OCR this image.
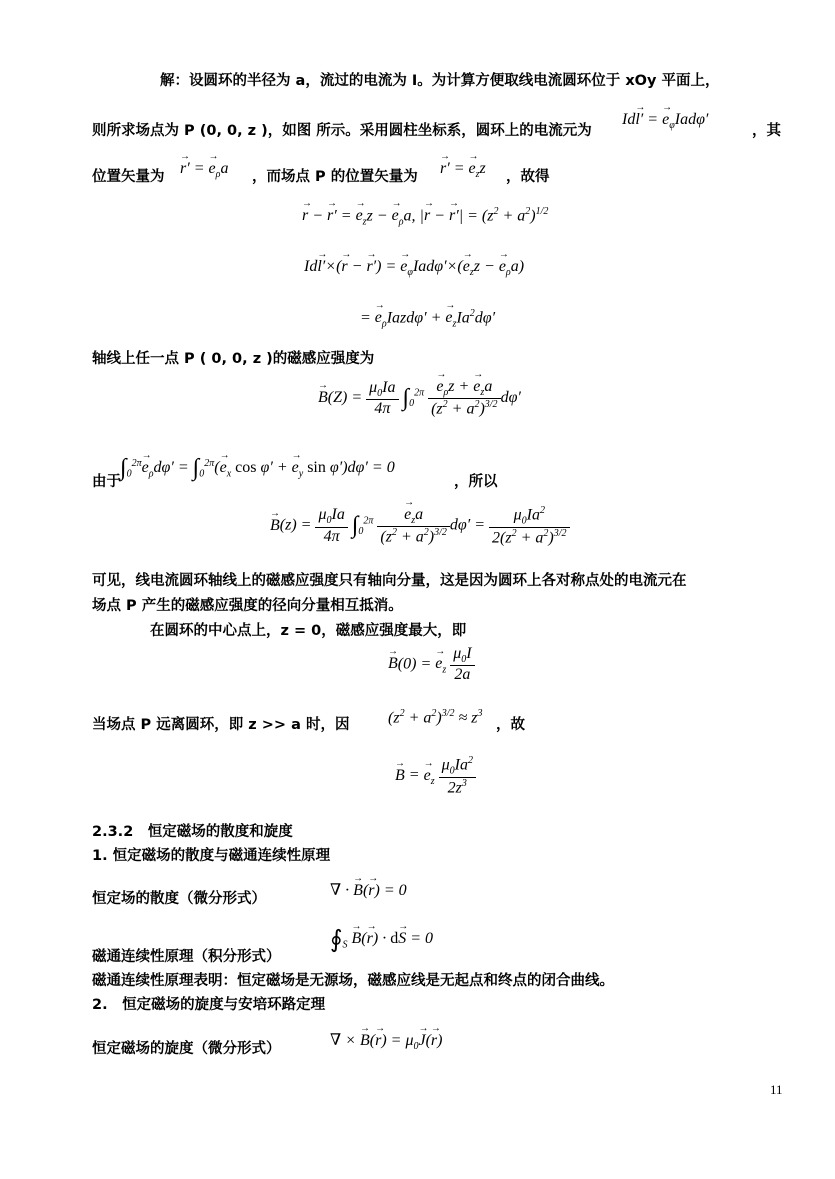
解：设圆环的半径为 a，流过的电流为 I。为计算方便取线电流圆环位于 xOy 平面上，
则所求场点为 P (0, 0, z )，如图 所示。采用圆柱坐标系，圆环上的电流元为
Id→ l′ = → $e_\varphi Iad\varphi'$
，其
位置矢量为
→ r′ = → $e_\rho a$ ，而场点 P 的位置矢量为
→ r′ = → $e_zz$ ，故得
→ r − → r′ = → $e_zz$ − → $e_\rho a$, |→ r − → $r'| = (z^2 + a^2)^{1/2}$
Id→ l′×(→ r − → r′) = → $e_\varphi Iad\varphi'\times(\to e_zz$ − → $e_\rho a$)
= → $e_\rho Iazd\varphi'$ + → $e_zIa^2d\varphi'$
轴线上任一点 P ( 0, 0, z )的磁感应强度为
→ $B(Z) = \frac{\mu_0Ia}{4\pi} \int_0^{2\pi}$
→ $\frac{e_\rho z + \to e_za}{(z^2 + a^2)^{3/2}} d\varphi'$
由于
$\int_0^{2\pi}\to e_\rho d\varphi' = \int_0^{2\pi}(\to e_x$ cos φ′ + → $e_y$ sin φ′)dφ′ = 0
，所以
→ $B(z) = \frac{\mu_0Ia}{4\pi} \int_0^{2\pi}$
→ $\frac{e_za}{(z^2 + a^2)^{3/2}} d\varphi' = \frac{\mu_0Ia^2}{2(z^2 + a^2)^{3/2}}$
可见，线电流圆环轴线上的磁感应强度只有轴向分量，这是因为圆环上各对称点处的电流元在
场点 P 产生的磁感应强度的径向分量相互抵消。
在圆环的中心点上，z = 0，磁感应强度最大，即
→ B(0) = → $e_z \frac{\mu_0I}{2a}$
当场点 P 远离圆环，即 z >> a 时，因 $(z^2 + a^2)^{3/2} \approx z^3$
，故
→ B = → $e_z \frac{\mu_0Ia^2}{2z^3}$
2.3.2　恒定磁场的散度和旋度
1. 恒定磁场的散度与磁通连续性原理
恒定场的散度（微分形式）	∇ · → B(→ r) = 0
$∮_S \to B(\to r) \cdot d\to S = 0$
磁通连续性原理（积分形式）
磁通连续性原理表明：恒定磁场是无源场，磁感应线是无起点和终点的闭合曲线。
2.　恒定磁场的旋度与安培环路定理
恒定磁场的旋度（微分形式）	∇ × → $B(\to r) = \mu_0\to J(\to r)$
11
